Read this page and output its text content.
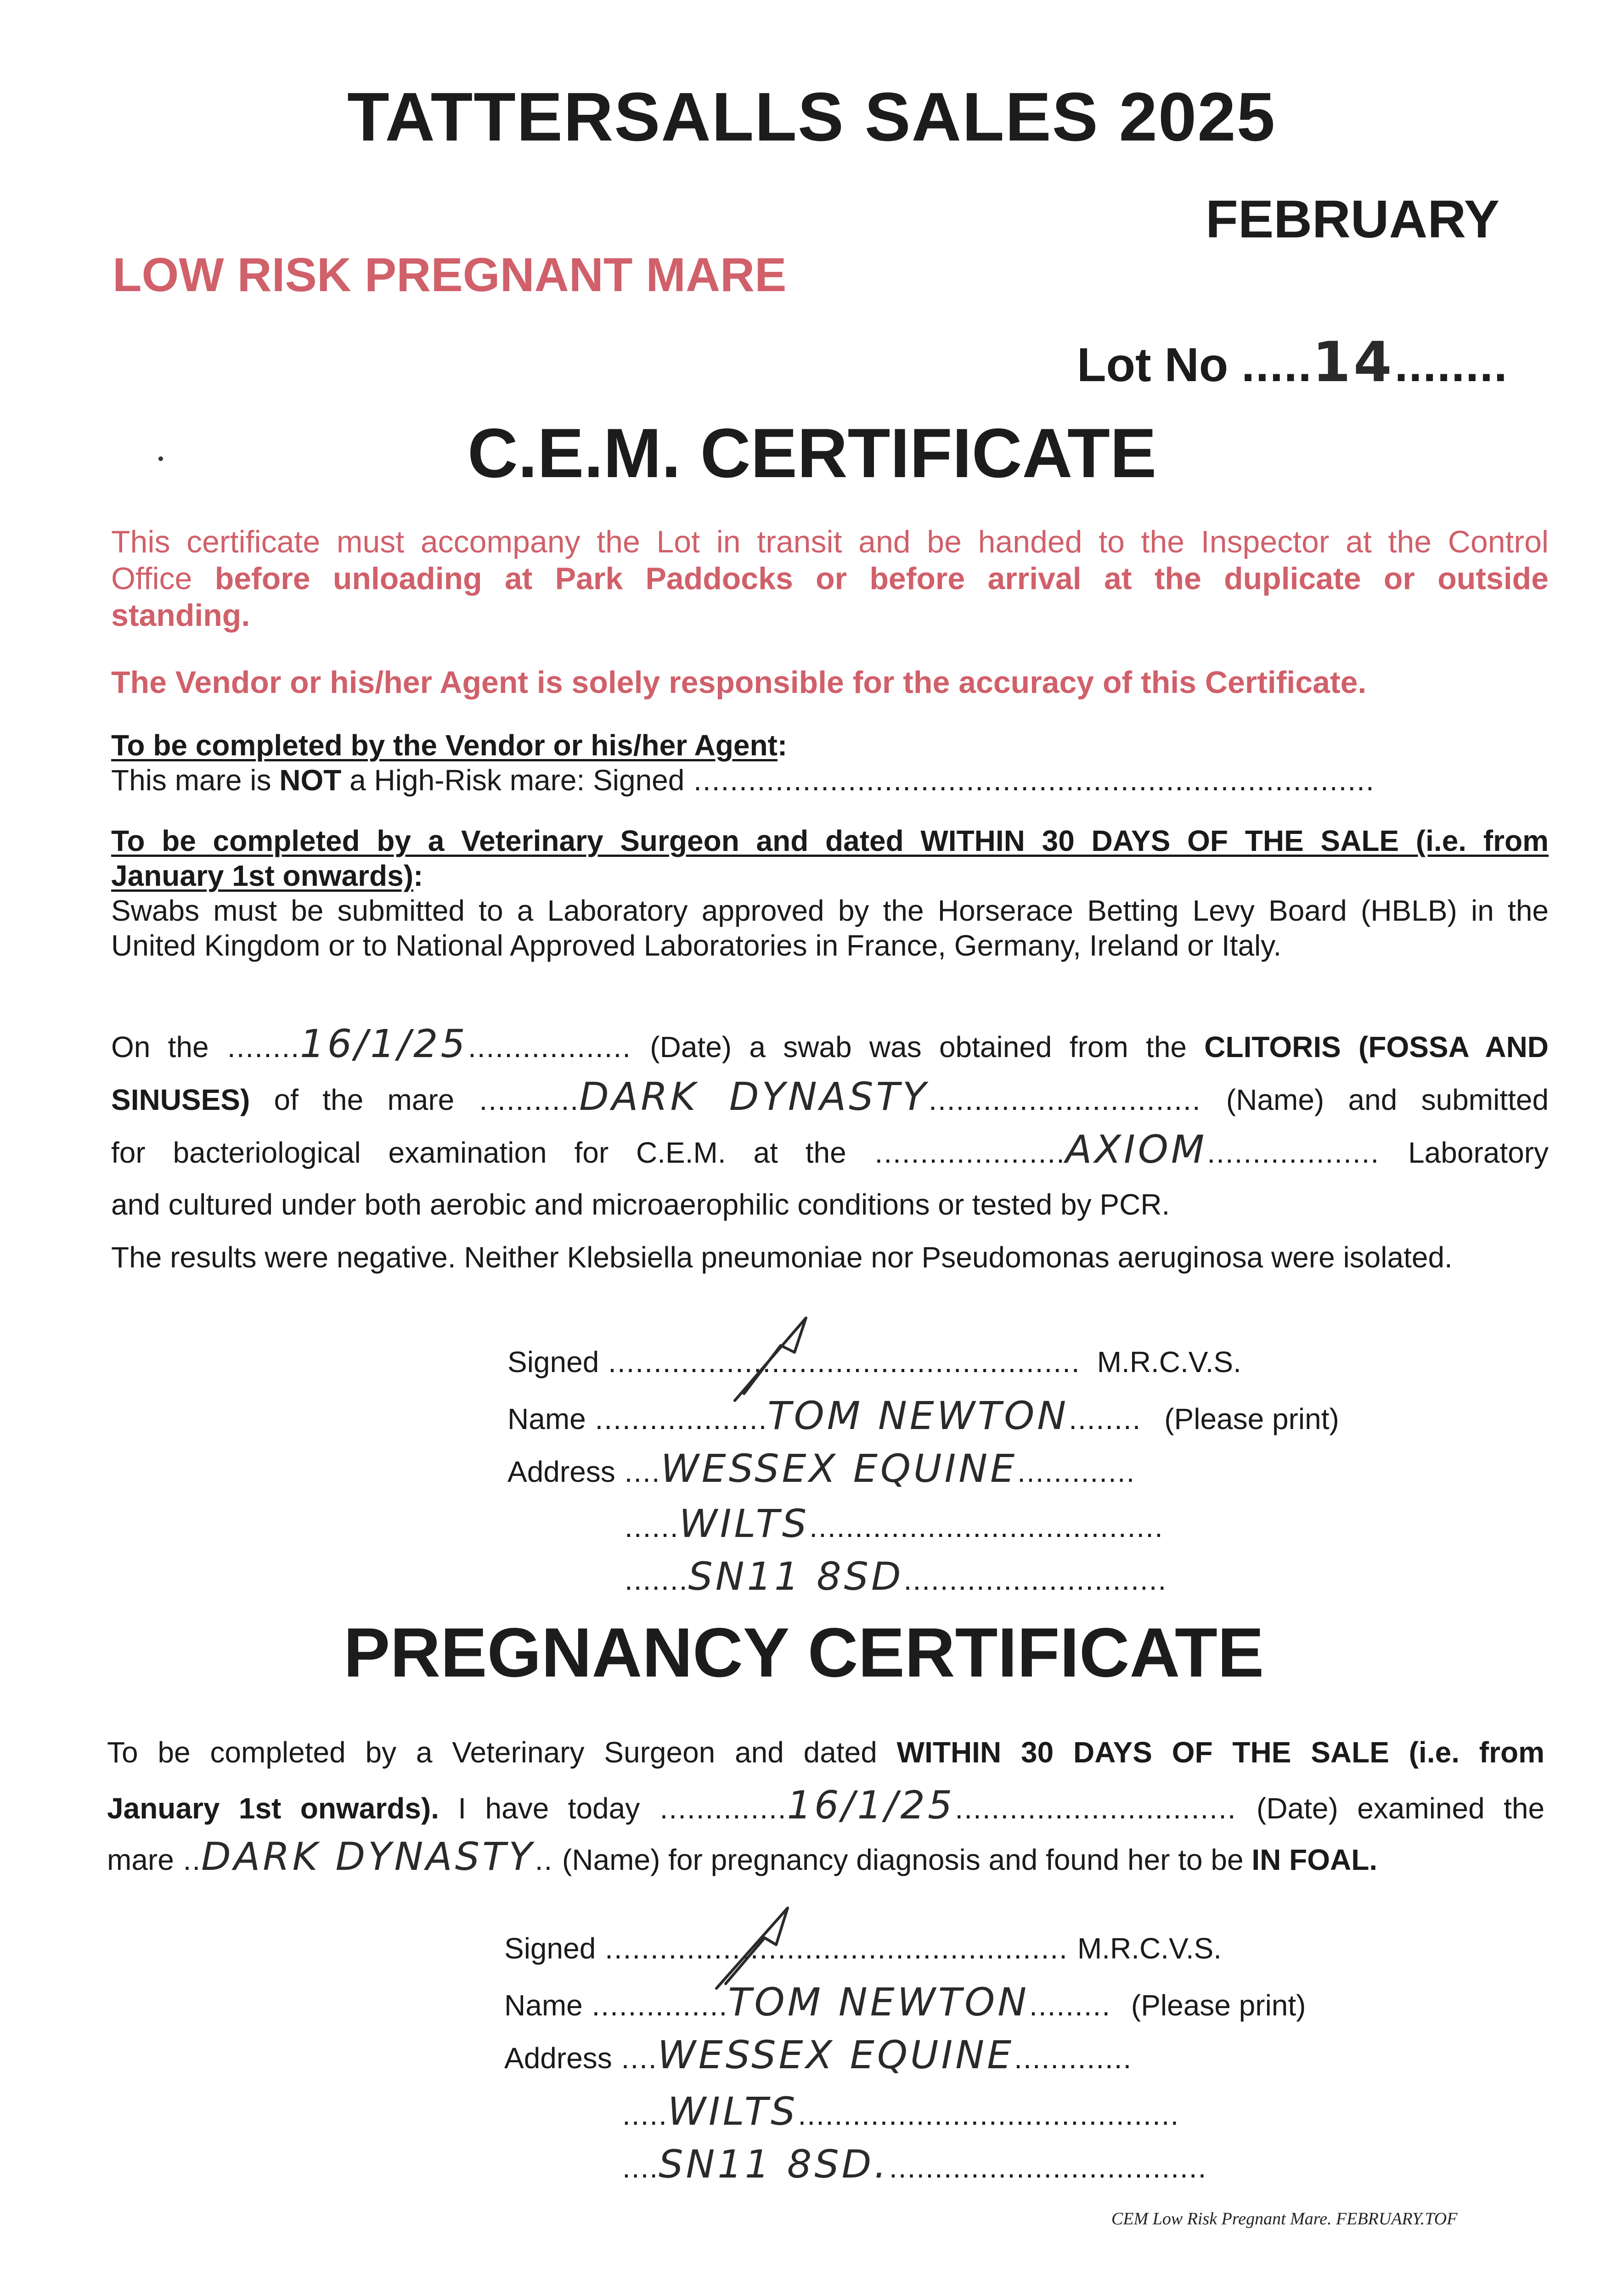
TATTERSALLS SALES 2025
FEBRUARY
LOW RISK PREGNANT MARE
Lot No .....14........
C.E.M. CERTIFICATE
This certificate must accompany the Lot in transit and be handed to the Inspector at the Control
Office before unloading at Park Paddocks or before arrival at the duplicate or outside
standing.
The Vendor or his/her Agent is solely responsible for the accuracy of this Certificate.
To be completed by the Vendor or his/her Agent:
This mare is NOT a High-Risk mare: Signed ...........................................................................
To be completed by a Veterinary Surgeon and dated WITHIN 30 DAYS OF THE SALE (i.e. from
January 1st onwards):
Swabs must be submitted to a Laboratory approved by the Horserace Betting Levy Board (HBLB) in the
United Kingdom or to National Approved Laboratories in France, Germany, Ireland or Italy.
On the ........16/1/25.................. (Date) a swab was obtained from the CLITORIS (FOSSA AND
SINUSES) of the mare ...........DARK DYNASTY.............................. (Name) and submitted
for bacteriological examination for C.E.M. at the .....................AXIOM................... Laboratory
and cultured under both aerobic and microaerophilic conditions or tested by PCR.
The results were negative. Neither Klebsiella pneumoniae nor Pseudomonas aeruginosa were isolated.
Signed .................................................... M.R.C.V.S.
Name ...................TOM NEWTON........ (Please print)
Address ....WESSEX EQUINE.............
......WILTS.......................................
.......SN11 8SD.............................
PREGNANCY CERTIFICATE
To be completed by a Veterinary Surgeon and dated WITHIN 30 DAYS OF THE SALE (i.e. from
January 1st onwards). I have today ..............16/1/25............................... (Date) examined the
mare ..DARK DYNASTY.. (Name) for pregnancy diagnosis and found her to be IN FOAL.
Signed ................................................... M.R.C.V.S.
Name ...............TOM NEWTON......... (Please print)
Address ....WESSEX EQUINE.............
.....WILTS..........................................
....SN11 8SD....................................
CEM Low Risk Pregnant Mare. FEBRUARY.TOF
